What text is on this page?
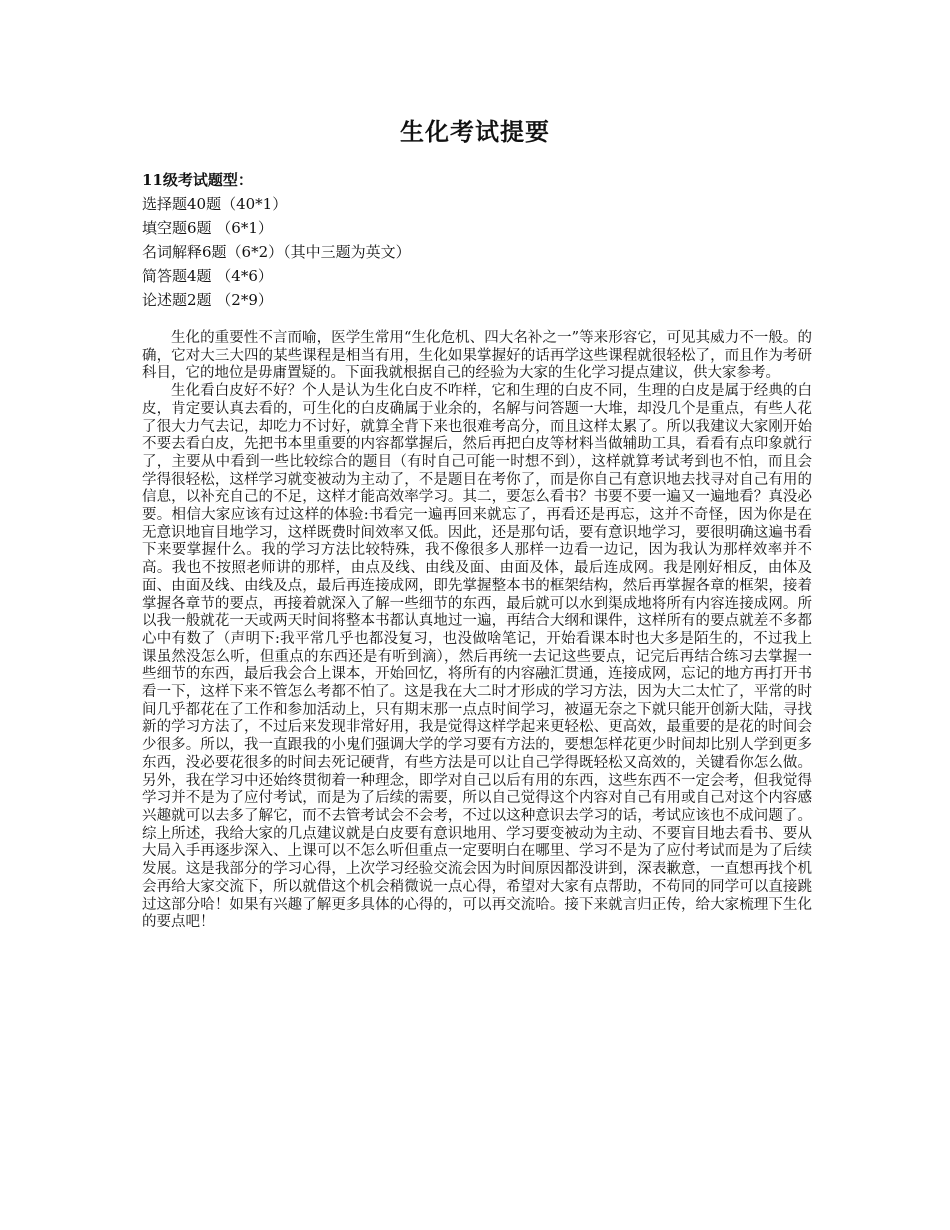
生化考试提要
11级考试题型：
选择题40题（40*1）
填空题6题 （6*1）
名词解释6题（6*2）（其中三题为英文）
简答题4题 （4*6）
论述题2题 （2*9）

生化的重要性不言而喻，医学生常用“生化危机、四大名补之一”等来形容它，可见其威力不一般。的确，它对大三大四的某些课程是相当有用，生化如果掌握好的话再学这些课程就很轻松了，而且作为考研科目，它的地位是毋庸置疑的。下面我就根据自己的经验为大家的生化学习提点建议，供大家参考。

生化看白皮好不好？个人是认为生化白皮不咋样，它和生理的白皮不同，生理的白皮是属于经典的白皮，肯定要认真去看的，可生化的白皮确属于业余的，名解与问答题一大堆，却没几个是重点，有些人花了很大力气去记，却吃力不讨好，就算全背下来也很难考高分，而且这样太累了。所以我建议大家刚开始不要去看白皮，先把书本里重要的内容都掌握后，然后再把白皮等材料当做辅助工具，看看有点印象就行了，主要从中看到一些比较综合的题目（有时自己可能一时想不到），这样就算考试考到也不怕，而且会学得很轻松，这样学习就变被动为主动了，不是题目在考你了，而是你自己有意识地去找寻对自己有用的信息，以补充自己的不足，这样才能高效率学习。其二，要怎么看书？书要不要一遍又一遍地看？真没必要。相信大家应该有过这样的体验:书看完一遍再回来就忘了，再看还是再忘，这并不奇怪，因为你是在无意识地盲目地学习，这样既费时间效率又低。因此，还是那句话，要有意识地学习，要很明确这遍书看下来要掌握什么。我的学习方法比较特殊，我不像很多人那样一边看一边记，因为我认为那样效率并不高。我也不按照老师讲的那样，由点及线、由线及面、由面及体，最后连成网。我是刚好相反，由体及面、由面及线、由线及点，最后再连接成网，即先掌握整本书的框架结构，然后再掌握各章的框架，接着掌握各章节的要点，再接着就深入了解一些细节的东西，最后就可以水到渠成地将所有内容连接成网。所以我一般就花一天或两天时间将整本书都认真地过一遍，再结合大纲和课件，这样所有的要点就差不多都心中有数了（声明下:我平常几乎也都没复习，也没做啥笔记，开始看课本时也大多是陌生的，不过我上课虽然没怎么听，但重点的东西还是有听到滴），然后再统一去记这些要点，记完后再结合练习去掌握一些细节的东西，最后我会合上课本，开始回忆，将所有的内容融汇贯通，连接成网，忘记的地方再打开书看一下，这样下来不管怎么考都不怕了。这是我在大二时才形成的学习方法，因为大二太忙了，平常的时间几乎都花在了工作和参加活动上，只有期末那一点点时间学习，被逼无奈之下就只能开创新大陆，寻找新的学习方法了，不过后来发现非常好用，我是觉得这样学起来更轻松、更高效，最重要的是花的时间会少很多。所以，我一直跟我的小鬼们强调大学的学习要有方法的，要想怎样花更少时间却比别人学到更多东西，没必要花很多的时间去死记硬背，有些方法是可以让自己学得既轻松又高效的，关键看你怎么做。另外，我在学习中还始终贯彻着一种理念，即学对自己以后有用的东西，这些东西不一定会考，但我觉得学习并不是为了应付考试，而是为了后续的需要，所以自己觉得这个内容对自己有用或自己对这个内容感兴趣就可以去多了解它，而不去管考试会不会考，不过以这种意识去学习的话，考试应该也不成问题了。综上所述，我给大家的几点建议就是白皮要有意识地用、学习要变被动为主动、不要盲目地去看书、要从大局入手再逐步深入、上课可以不怎么听但重点一定要明白在哪里、学习不是为了应付考试而是为了后续发展。这是我部分的学习心得，上次学习经验交流会因为时间原因都没讲到，深表歉意，一直想再找个机会再给大家交流下，所以就借这个机会稍微说一点心得，希望对大家有点帮助，不苟同的同学可以直接跳过这部分哈！如果有兴趣了解更多具体的心得的，可以再交流哈。接下来就言归正传，给大家梳理下生化的要点吧！
